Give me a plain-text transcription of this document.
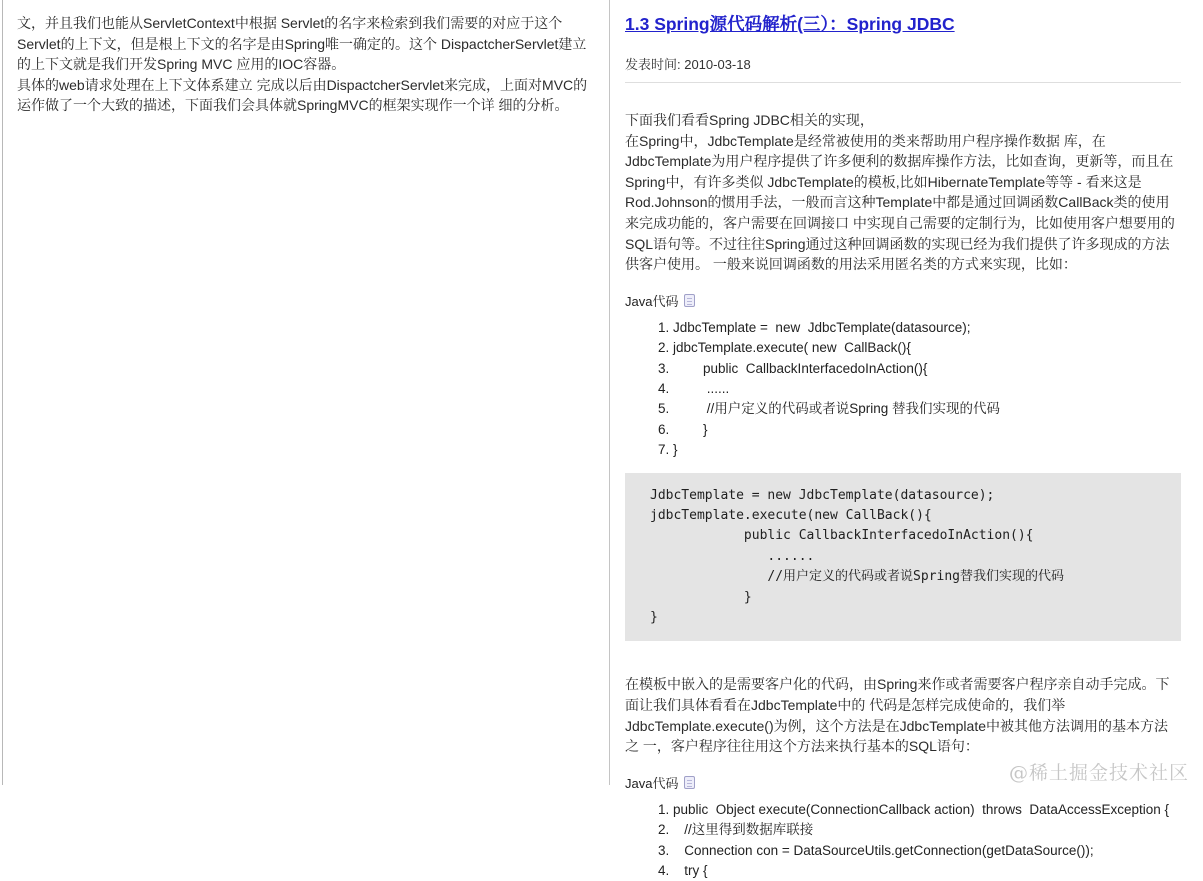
文，并且我们也能从ServletContext中根据 Servlet的名字来检索到我们需要的对应于这个Servlet的上下文，但是根上下文的名字是由Spring唯一确定的。这个 DispactcherServlet建立的上下文就是我们开发Spring MVC 应用的IOC容器。

具体的web请求处理在上下文体系建立 完成以后由DispactcherServlet来完成，上面对MVC的运作做了一个大致的描述，下面我们会具体就SpringMVC的框架实现作一个详 细的分析。

1.3 Spring源代码解析(三）：Spring JDBC
发表时间: 2010-03-18

下面我们看看Spring JDBC相关的实现，
在Spring中，JdbcTemplate是经常被使用的类来帮助用户程序操作数据 库，在JdbcTemplate为用户程序提供了许多便利的数据库操作方法，比如查询，更新等，而且在Spring中，有许多类似 JdbcTemplate的模板,比如HibernateTemplate等等 - 看来这是Rod.Johnson的惯用手法，一般而言这种Template中都是通过回调函数CallBack类的使用来完成功能的，客户需要在回调接口 中实现自己需要的定制行为，比如使用客户想要用的SQL语句等。不过往往Spring通过这种回调函数的实现已经为我们提供了许多现成的方法供客户使用。 一般来说回调函数的用法采用匿名类的方式来实现，比如：

Java代码
1. JdbcTemplate =  new  JdbcTemplate(datasource);
2. jdbcTemplate.execute( new  CallBack(){
3.         public  CallbackInterfacedoInAction(){
4.          ......
5.          //用户定义的代码或者说Spring 替我们实现的代码
6.         }
7. }
JdbcTemplate = new JdbcTemplate(datasource);
jdbcTemplate.execute(new CallBack(){
public CallbackInterfacedoInAction(){
......
//用户定义的代码或者说Spring替我们实现的代码
}
}

在模板中嵌入的是需要客户化的代码，由Spring来作或者需要客户程序亲自动手完成。下面让我们具体看看在JdbcTemplate中的 代码是怎样完成使命的，我们举JdbcTemplate.execute()为例，这个方法是在JdbcTemplate中被其他方法调用的基本方法之 一，客户程序往往用这个方法来执行基本的SQL语句：

Java代码
1. public  Object execute(ConnectionCallback action)  throws  DataAccessException {
2.    //这里得到数据库联接
3.    Connection con = DataSourceUtils.getConnection(getDataSource());
4.    try {
@稀土掘金技术社区
